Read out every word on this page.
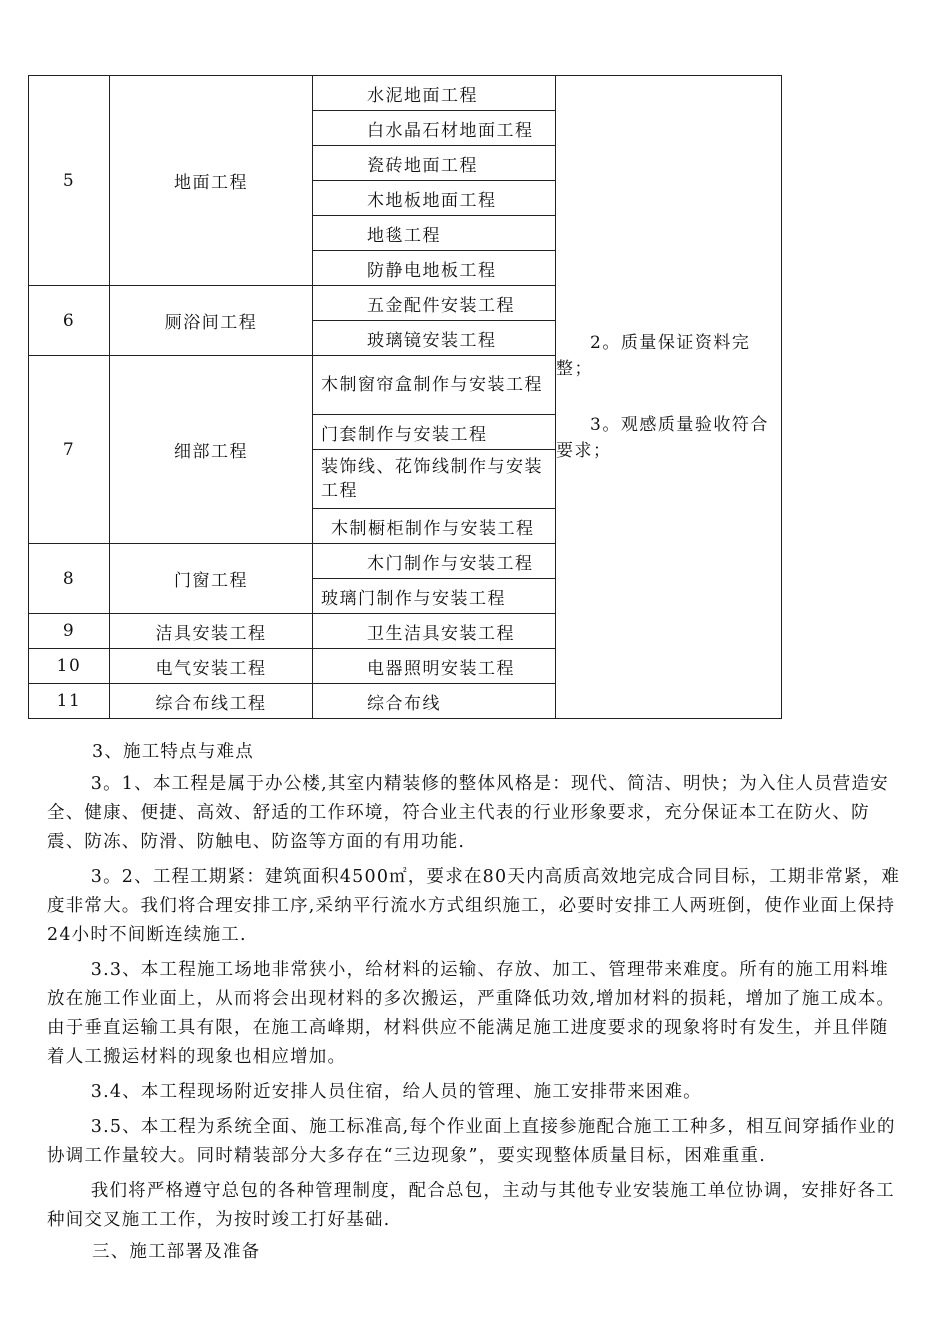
5	地面工程	水泥地面工程	2。质量保证资料完整；
3。观感质量验收符合要求；

		白水晶石材地面工程	
		瓷砖地面工程	
		木地板地面工程	
		地毯工程	
		防静电地板工程	
6	厕浴间工程	五金配件安装工程	
		玻璃镜安装工程	
7	细部工程	木制窗帘盒制作与安装工程	
		门套制作与安装工程	
		装饰线、花饰线制作与安装工程	
		木制橱柜制作与安装工程	
8	门窗工程	木门制作与安装工程	
		玻璃门制作与安装工程	
9	洁具安装工程	卫生洁具安装工程	
10	电气安装工程	电器照明安装工程	
11	综合布线工程	综合布线	
3、施工特点与难点

3。1、本工程是属于办公楼,其室内精装修的整体风格是：现代、简洁、明快；为入住人员营造安全、健康、便捷、高效、舒适的工作环境，符合业主代表的行业形象要求，充分保证本工在防火、防震、防冻、防滑、防触电、防盗等方面的有用功能.

3。2、工程工期紧：建筑面积4500㎡，要求在80天内高质高效地完成合同目标，工期非常紧，难度非常大。我们将合理安排工序,采纳平行流水方式组织施工，必要时安排工人两班倒，使作业面上保持24小时不间断连续施工.

3.3、本工程施工场地非常狭小，给材料的运输、存放、加工、管理带来难度。所有的施工用料堆放在施工作业面上，从而将会出现材料的多次搬运，严重降低功效,增加材料的损耗，增加了施工成本。由于垂直运输工具有限，在施工高峰期，材料供应不能满足施工进度要求的现象将时有发生，并且伴随着人工搬运材料的现象也相应增加。

3.4、本工程现场附近安排人员住宿，给人员的管理、施工安排带来困难。

3.5、本工程为系统全面、施工标准高,每个作业面上直接参施配合施工工种多，相互间穿插作业的协调工作量较大。同时精装部分大多存在“三边现象”，要实现整体质量目标，困难重重.

我们将严格遵守总包的各种管理制度，配合总包，主动与其他专业安装施工单位协调，安排好各工种间交叉施工工作，为按时竣工打好基础.

三、施工部署及准备
